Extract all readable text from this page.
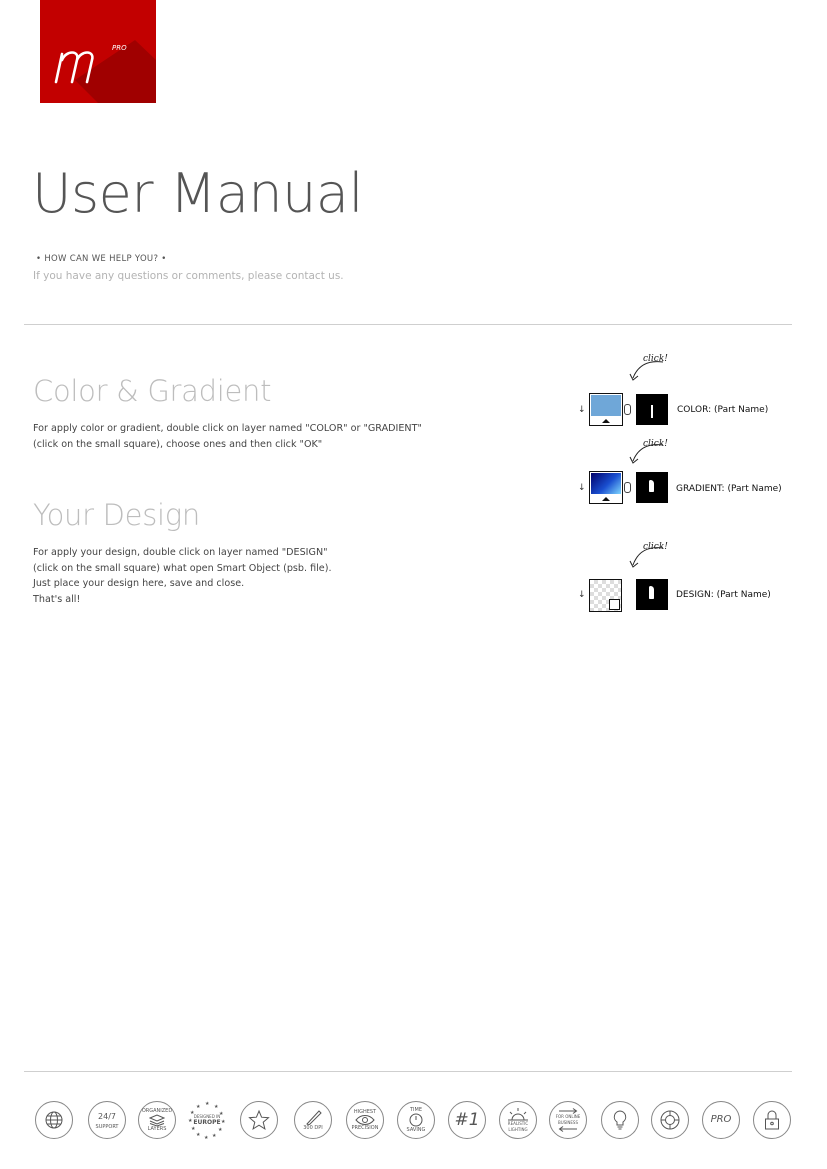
PRO
User Manual
• HOW CAN WE HELP YOU? •
If you have any questions or comments, please contact us.
Color & Gradient
For apply color or gradient, double click on layer named "COLOR" or "GRADIENT"
(click on the small square), choose ones and then click "OK"
Your Design
For apply your design, double click on layer named "DESIGN"
(click on the small square) what open Smart Object (psb. file).
Just place your design here, save and close.
That's all!
click!
↓	COLOR: (Part Name)
click!
↓	GRADIENT: (Part Name)
click!
↓	DESIGN: (Part Name)
24/7
SUPPORT
ORGANIZED
LAYERS
★ ★
★
★
★
★
★
★
★
★
★
★
DESIGNED IN
EUROPE
300 DPI
HIGHEST
PRECISION
TIME
SAVING #1	REALISTIC LIGHTING
FOR ONLINE BUSINESS	PRO
